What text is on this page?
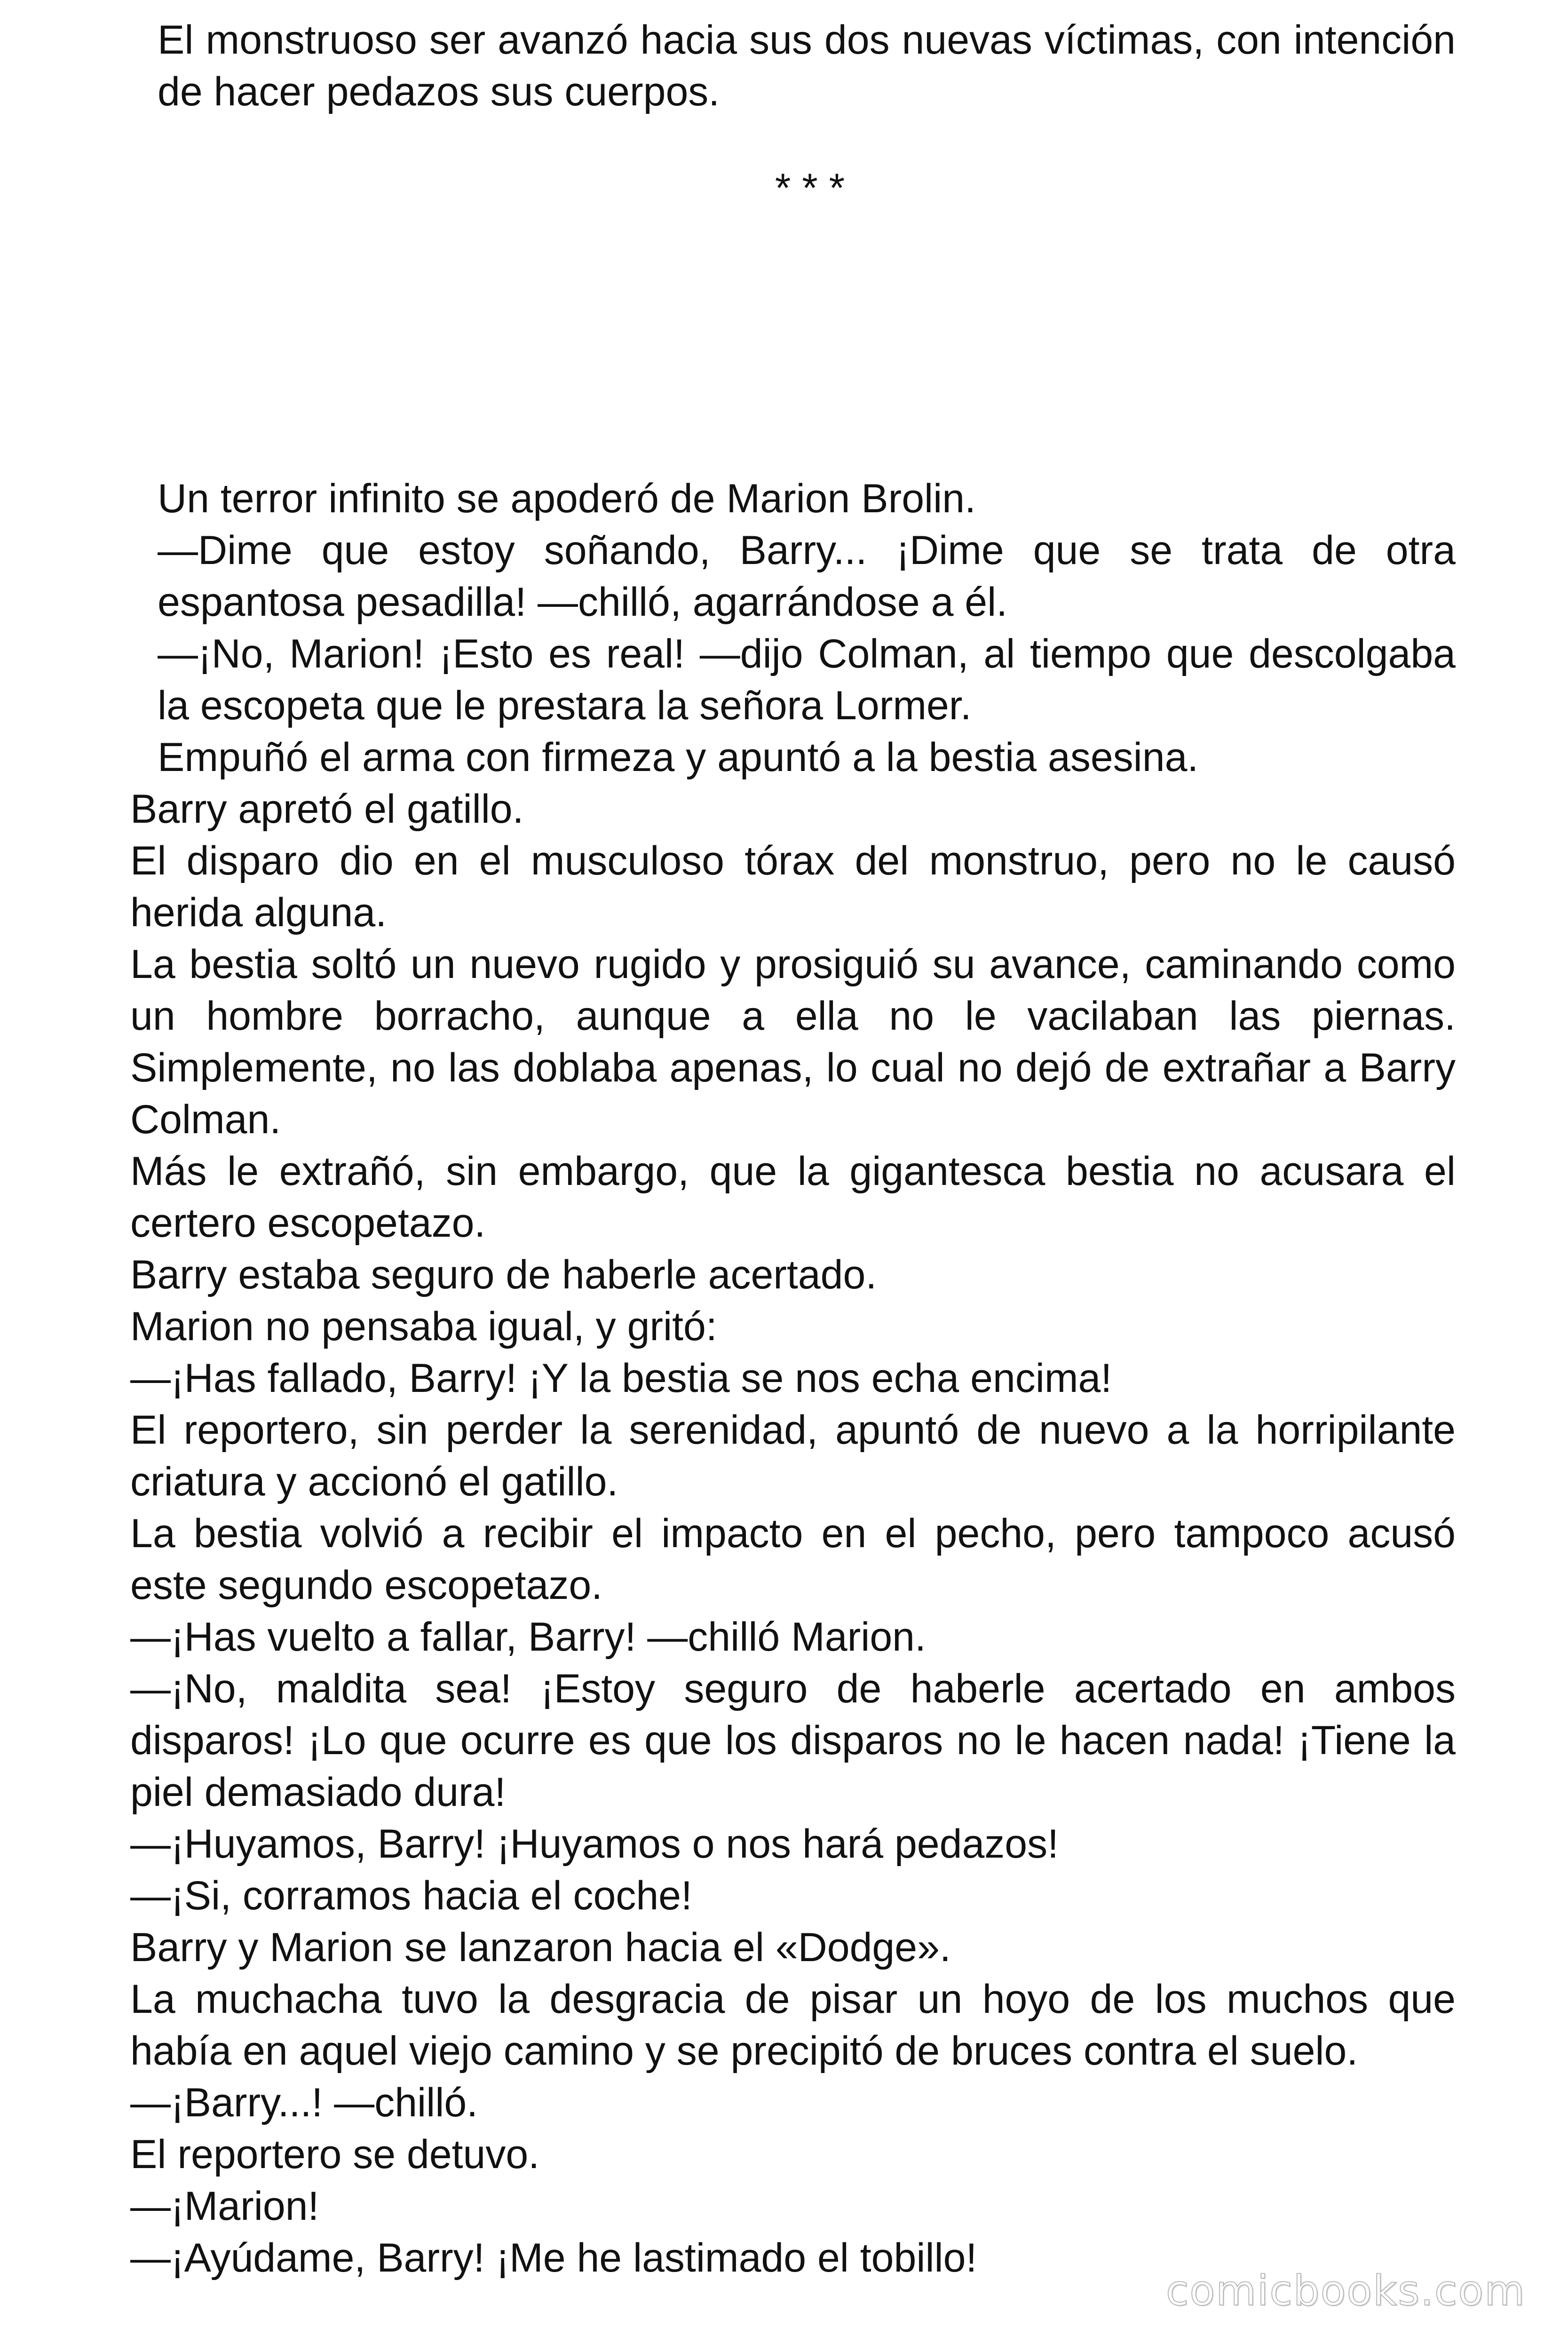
El monstruoso ser avanzó hacia sus dos nuevas víctimas, con intención de hacer pedazos sus cuerpos.

* * *

Un terror infinito se apoderó de Marion Brolin.

—Dime que estoy soñando, Barry... ¡Dime que se trata de otra espantosa pesadilla! —chilló, agarrándose a él.

—¡No, Marion! ¡Esto es real! —dijo Colman, al tiempo que descolgaba la escopeta que le prestara la señora Lormer.

Empuñó el arma con firmeza y apuntó a la bestia asesina.

Barry apretó el gatillo.

El disparo dio en el musculoso tórax del monstruo, pero no le causó herida alguna.

La bestia soltó un nuevo rugido y prosiguió su avance, caminando como un hombre borracho, aunque a ella no le vacilaban las piernas. Simplemente, no las doblaba apenas, lo cual no dejó de extrañar a Barry Colman.

Más le extrañó, sin embargo, que la gigantesca bestia no acusara el certero escopetazo.

Barry estaba seguro de haberle acertado.

Marion no pensaba igual, y gritó:

—¡Has fallado, Barry! ¡Y la bestia se nos echa encima!

El reportero, sin perder la serenidad, apuntó de nuevo a la horripilante criatura y accionó el gatillo.

La bestia volvió a recibir el impacto en el pecho, pero tampoco acusó este segundo escopetazo.

—¡Has vuelto a fallar, Barry! —chilló Marion.

—¡No, maldita sea! ¡Estoy seguro de haberle acertado en ambos disparos! ¡Lo que ocurre es que los disparos no le hacen nada! ¡Tiene la piel demasiado dura!

—¡Huyamos, Barry! ¡Huyamos o nos hará pedazos!

—¡Si, corramos hacia el coche!

Barry y Marion se lanzaron hacia el «Dodge».

La muchacha tuvo la desgracia de pisar un hoyo de los muchos que había en aquel viejo camino y se precipitó de bruces contra el suelo.

—¡Barry...! —chilló.

El reportero se detuvo.

—¡Marion!

—¡Ayúdame, Barry! ¡Me he lastimado el tobillo!

comicbooks.com
